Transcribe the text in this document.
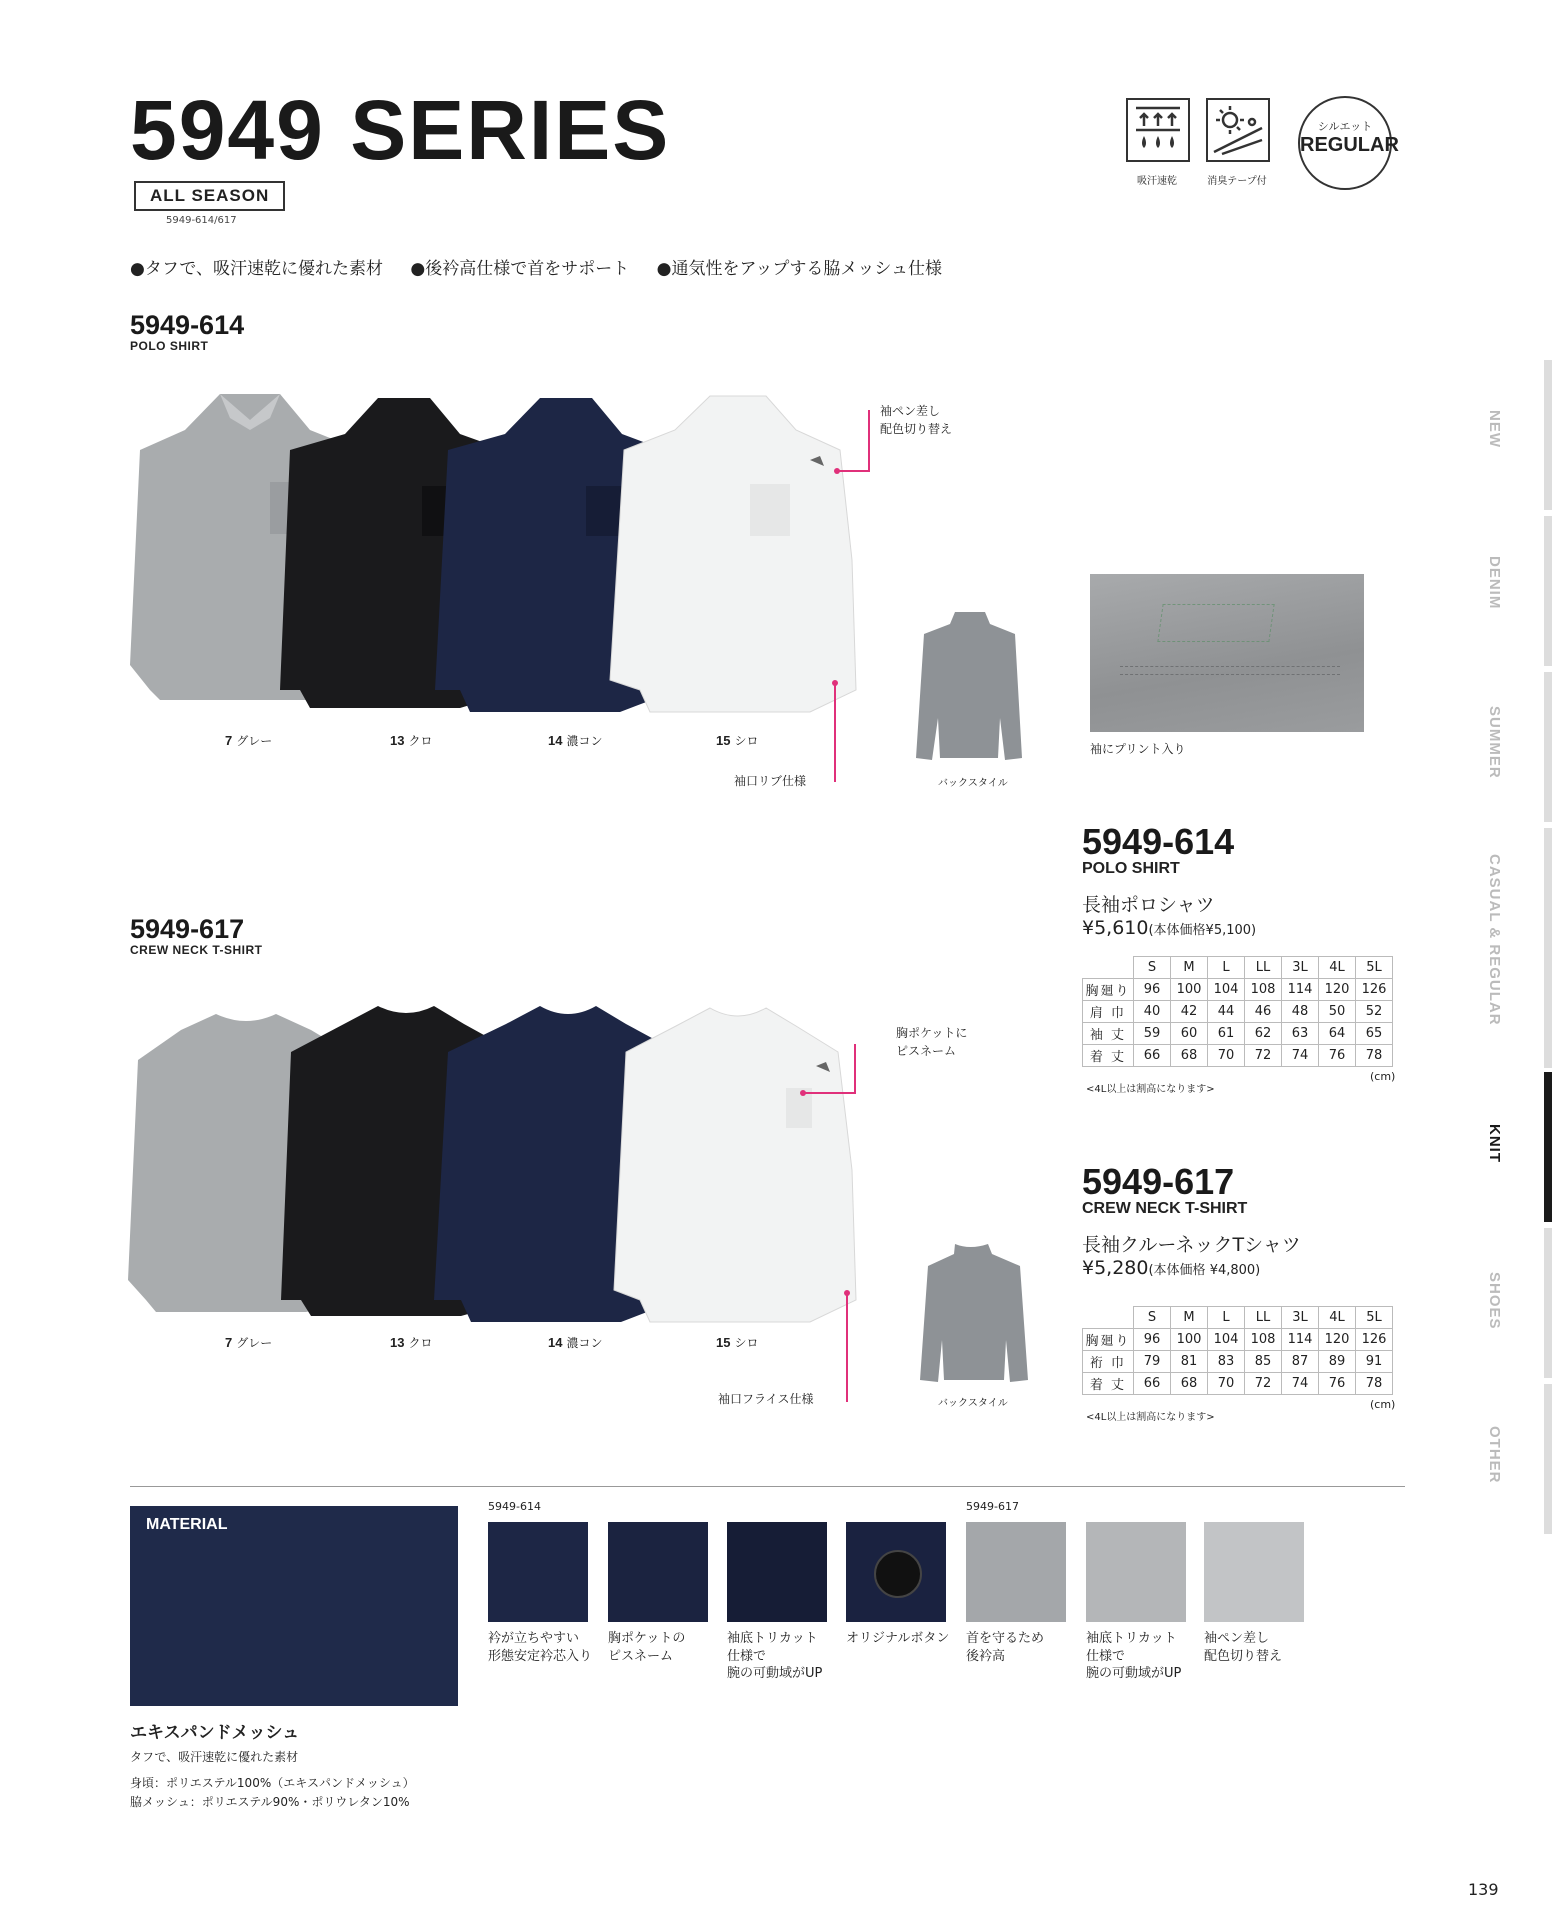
5949 SERIES
ALL SEASON
5949-614/617
吸汗速乾	消臭テープ付
シルエット
REGULAR
●タフで、吸汗速乾に優れた素材 ●後衿高仕様で首をサポート ●通気性をアップする脇メッシュ仕様
5949-614
POLO SHIRT
7 グレー	13 クロ	14 濃コン	15 シロ
袖ペン差し
配色切り替え
袖口リブ仕様	バックスタイル
袖にプリント入り
5949-614
POLO SHIRT
長袖ポロシャツ
¥5,610(本体価格¥5,100)
	S	M	L	LL	3L	4L	5L
胸廻り	96	100	104	108	114	120	126
肩 巾	40	42	44	46	48	50	52
袖 丈	59	60	61	62	63	64	65
着 丈	66	68	70	72	74	76	78
<4L以上は割高になります>
(cm)
5949-617
CREW NECK T-SHIRT
7 グレー	13 クロ	14 濃コン	15 シロ
胸ポケットに
ピスネーム
袖口フライス仕様	バックスタイル
5949-617
CREW NECK T-SHIRT
長袖クルーネックTシャツ
¥5,280(本体価格 ¥4,800)
	S	M	L	LL	3L	4L	5L
胸廻り	96	100	104	108	114	120	126
裄 巾	79	81	83	85	87	89	91
着 丈	66	68	70	72	74	76	78
<4L以上は割高になります>
(cm)
NEW
DENIM
SUMMER
CASUAL & REGULAR
KNIT
SHOES
OTHER
MATERIAL
エキスパンドメッシュ
タフで、吸汗速乾に優れた素材
身頃：ポリエステル100%（エキスパンドメッシュ）
脇メッシュ：ポリエステル90%・ポリウレタン10%
5949-614	5949-617
衿が立ちやすい
形態安定衿芯入り
胸ポケットの
ピスネーム
袖底トリカット
仕様で
腕の可動域がUP
オリジナルボタン 首を守るため
後衿高
袖底トリカット
仕様で
腕の可動域がUP
袖ペン差し
配色切り替え
139
